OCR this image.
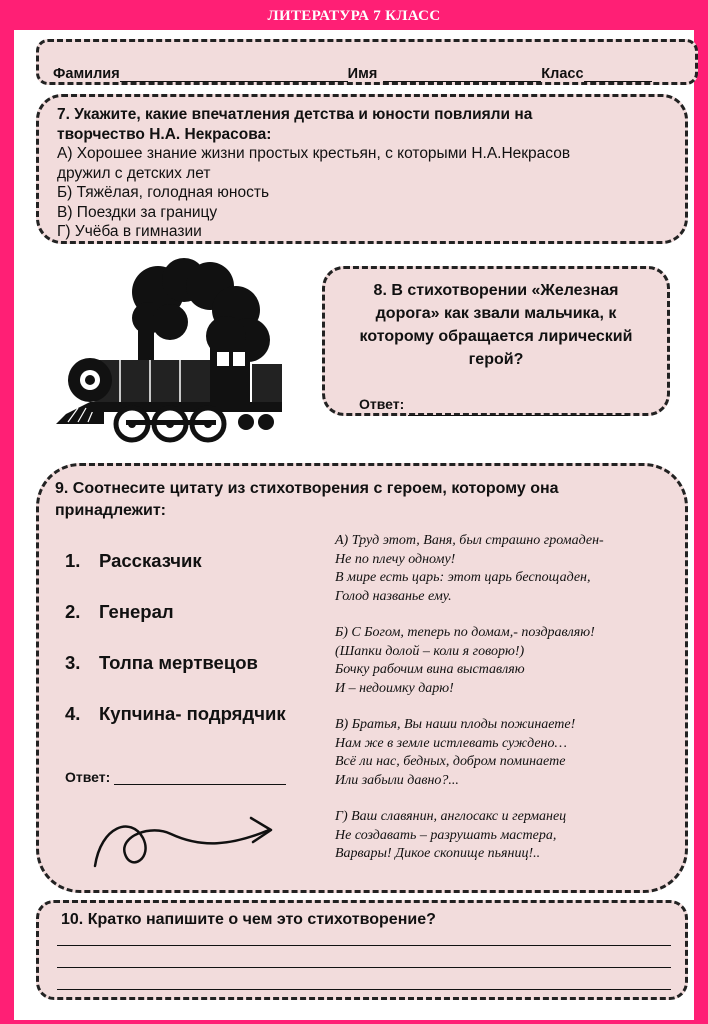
ЛИТЕРАТУРА 7 КЛАСС
Фамилия	Имя	Класс
7. Укажите, какие впечатления детства и юности повлияли на
творчество Н.А. Некрасова:
А) Хорошее знание жизни простых крестьян, с которыми Н.А.Некрасов
дружил с детских лет
Б) Тяжёлая, голодная юность
В) Поездки за границу
Г) Учёба в гимназии
8. В стихотворении «Железная
дорога» как звали мальчика, к
которому обращается лирический
герой?
Ответ:
9. Соотнесите цитату из стихотворения с героем, которому она
принадлежит:
1.	Рассказчик
2.	Генерал
3.	Толпа мертвецов
4.	Купчина- подрядчик
Ответ:
А) Труд этот, Ваня, был страшно громаден-
Не по плечу одному!
В мире есть царь: этот царь беспощаден,
Голод названье ему.
Б) С Богом, теперь по домам,- поздравляю!
(Шапки долой – коли я говорю!)
Бочку рабочим вина выставляю
И – недоимку дарю!
В) Братья, Вы наши плоды пожинаете!
Нам же в земле истлевать суждено…
Всё ли нас, бедных, добром поминаете
Или забыли давно?...
Г) Ваш славянин, англосакс и германец
Не создавать – разрушать мастера,
Варвары! Дикое скопище пьяниц!..
10. Кратко напишите о чем это стихотворение?
